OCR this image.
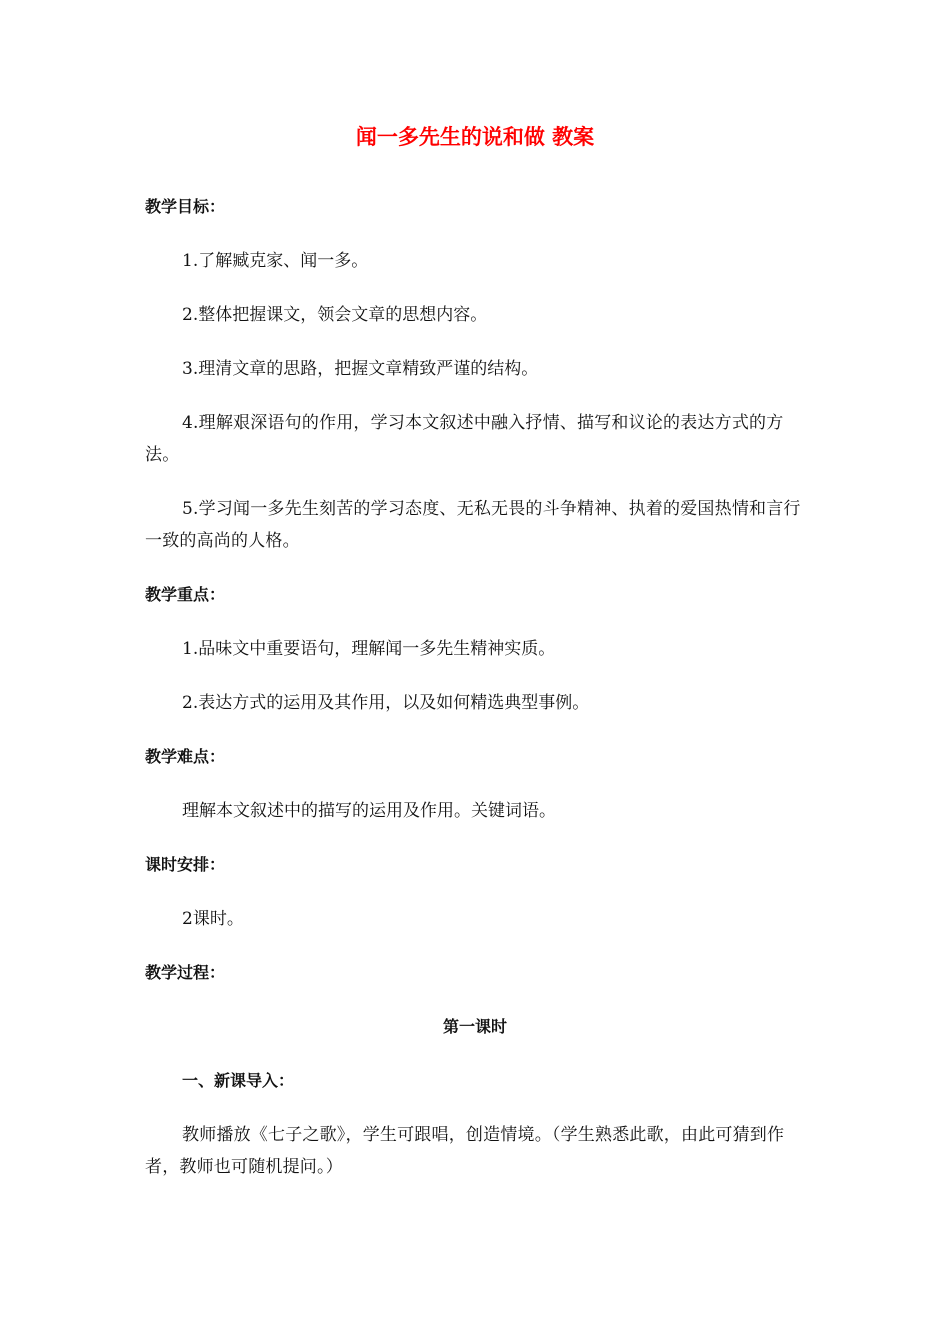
闻一多先生的说和做 教案
教学目标：
1.了解臧克家、闻一多。
2.整体把握课文，领会文章的思想内容。
3.理清文章的思路，把握文章精致严谨的结构。
4.理解艰深语句的作用，学习本文叙述中融入抒情、描写和议论的表达方式的方法。
5.学习闻一多先生刻苦的学习态度、无私无畏的斗争精神、执着的爱国热情和言行一致的高尚的人格。
教学重点：
1.品味文中重要语句，理解闻一多先生精神实质。
2.表达方式的运用及其作用，以及如何精选典型事例。
教学难点：
理解本文叙述中的描写的运用及作用。关键词语。
课时安排：
2课时。
教学过程：
第一课时
一、新课导入：
教师播放《七子之歌》，学生可跟唱，创造情境。（学生熟悉此歌，由此可猜到作者，教师也可随机提问。）
